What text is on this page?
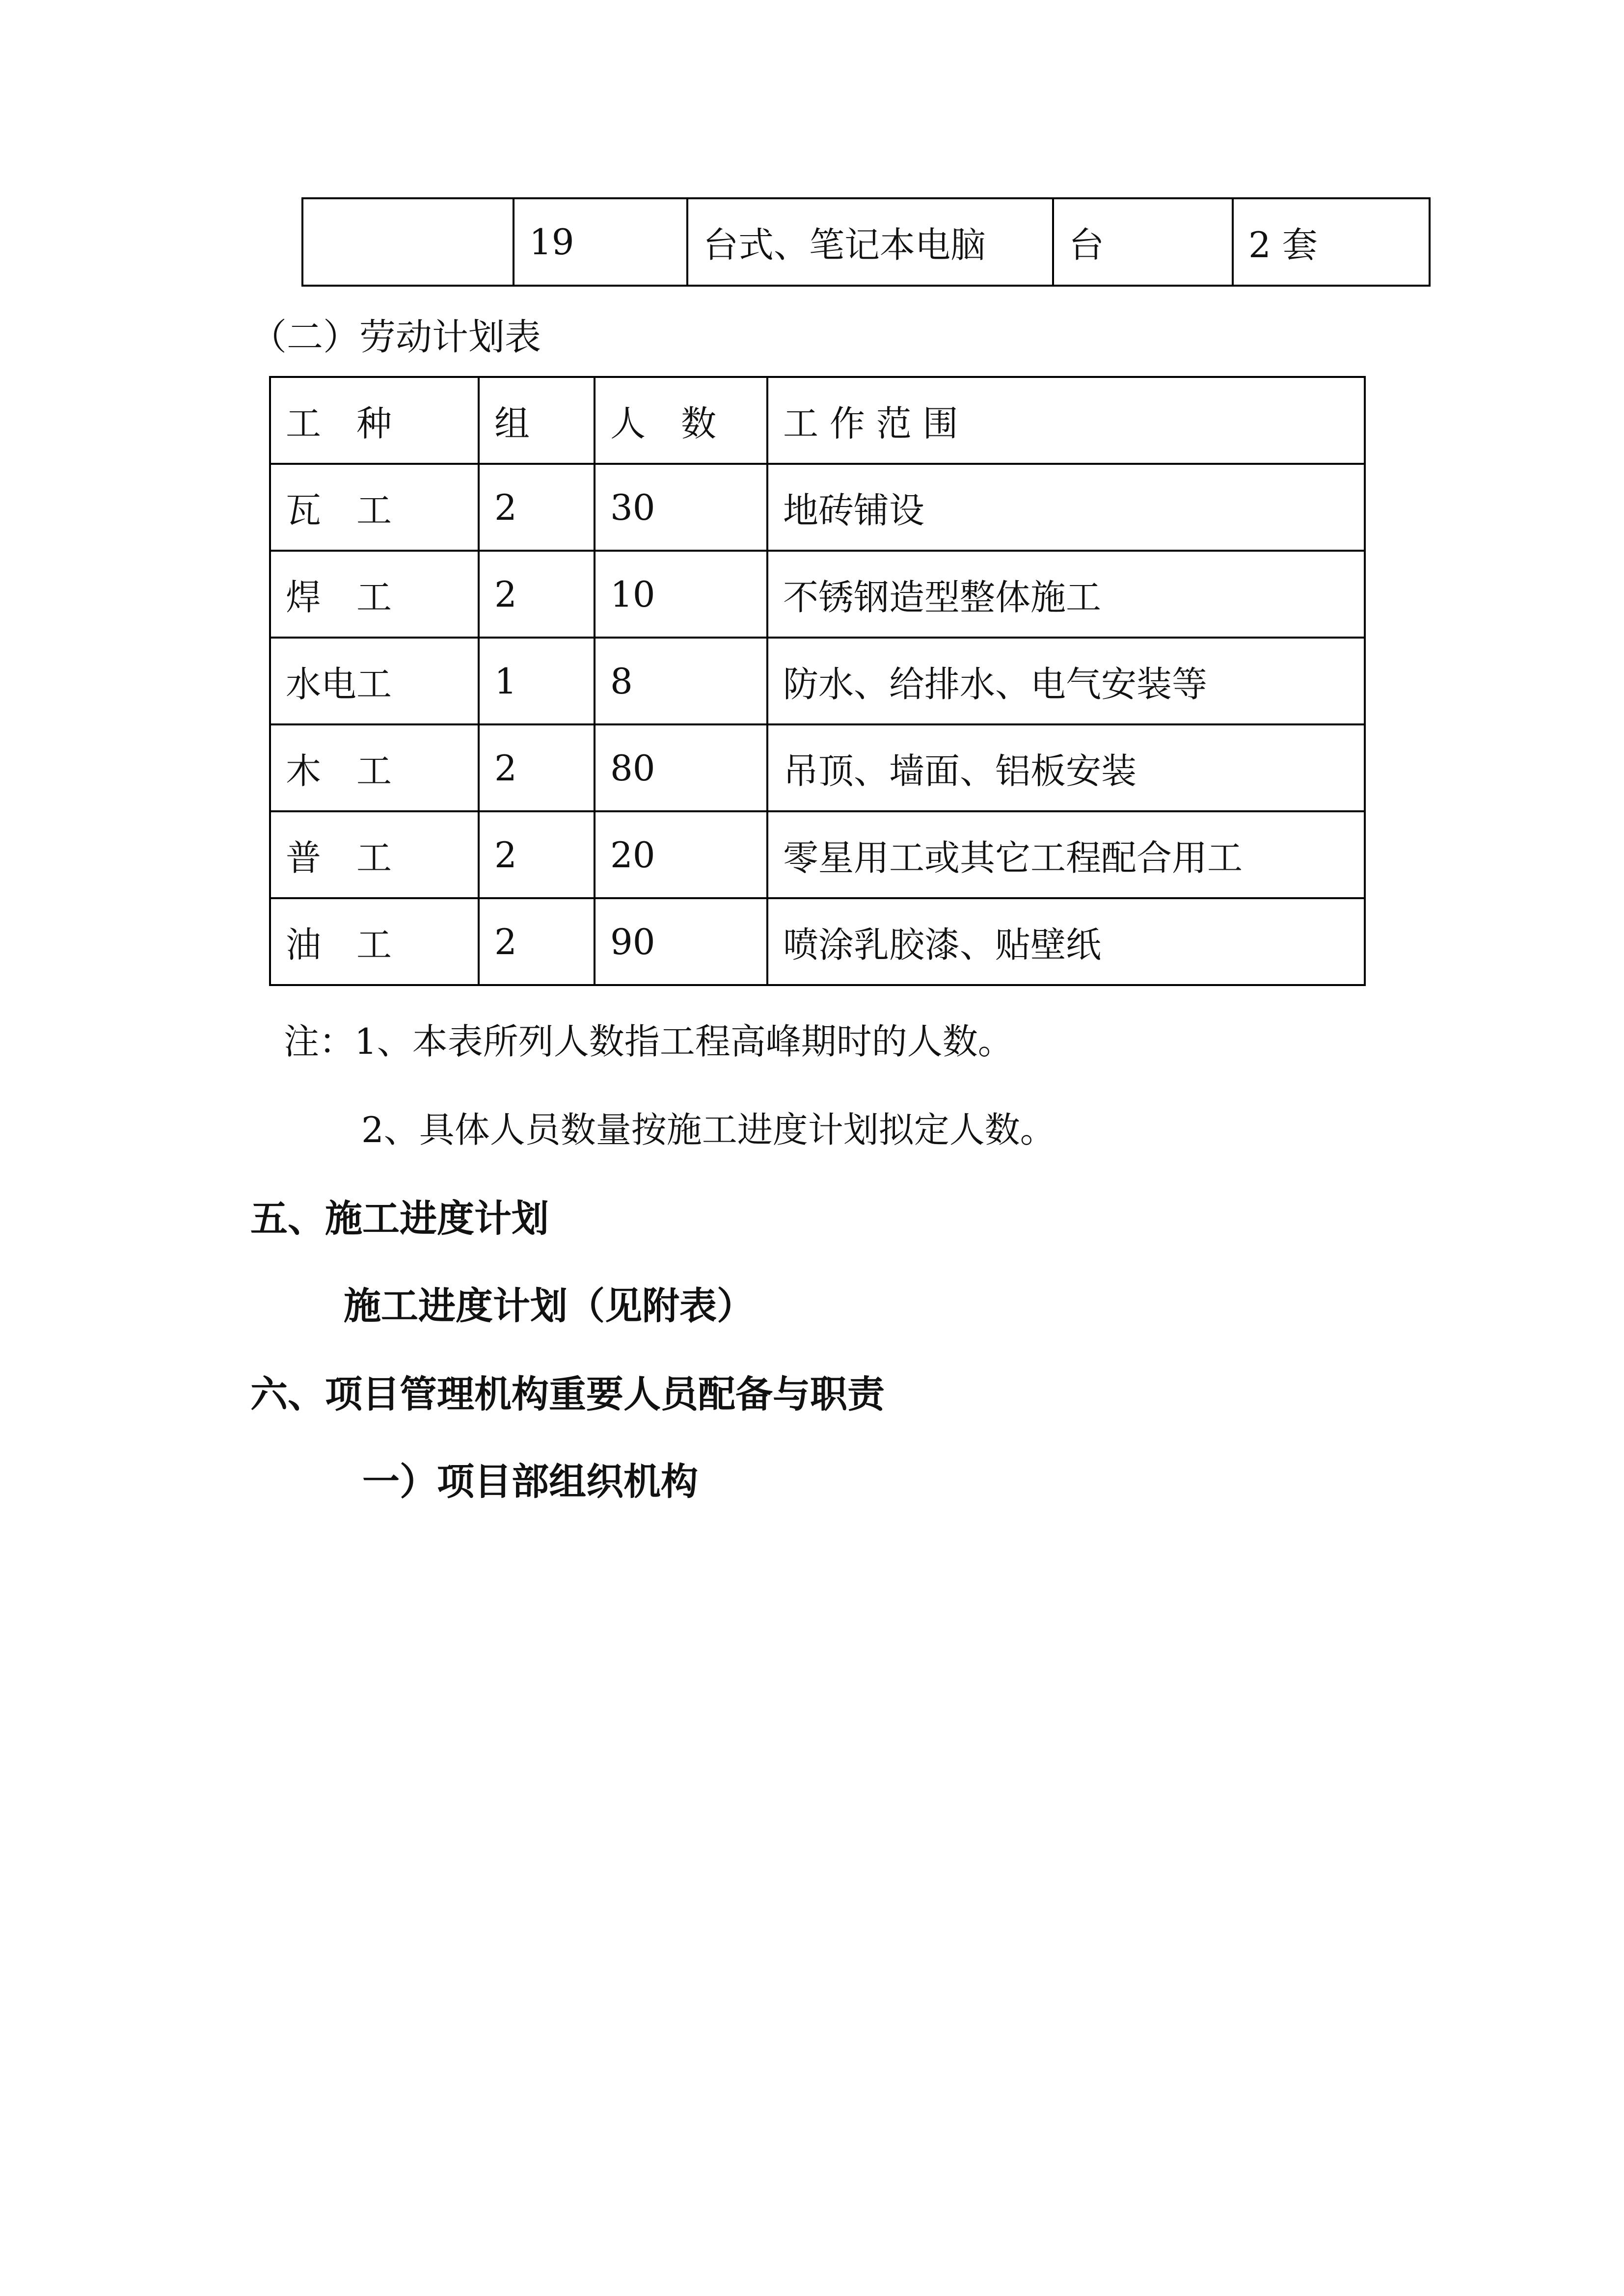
	19	台式、笔记本电脑	台	2 套
（二）劳动计划表
工　种	组	人　数	工 作 范 围
瓦　工	2	30	地砖铺设
焊　工	2	10	不锈钢造型整体施工
水电工	1	8	防水、给排水、电气安装等
木　工	2	80	吊顶、墙面、铝板安装
普　工	2	20	零星用工或其它工程配合用工
油　工	2	90	喷涂乳胶漆、贴壁纸
注：1、本表所列人数指工程高峰期时的人数。
2、具体人员数量按施工进度计划拟定人数。
五、施工进度计划
施工进度计划（见附表）
六、项目管理机构重要人员配备与职责
一）项目部组织机构
